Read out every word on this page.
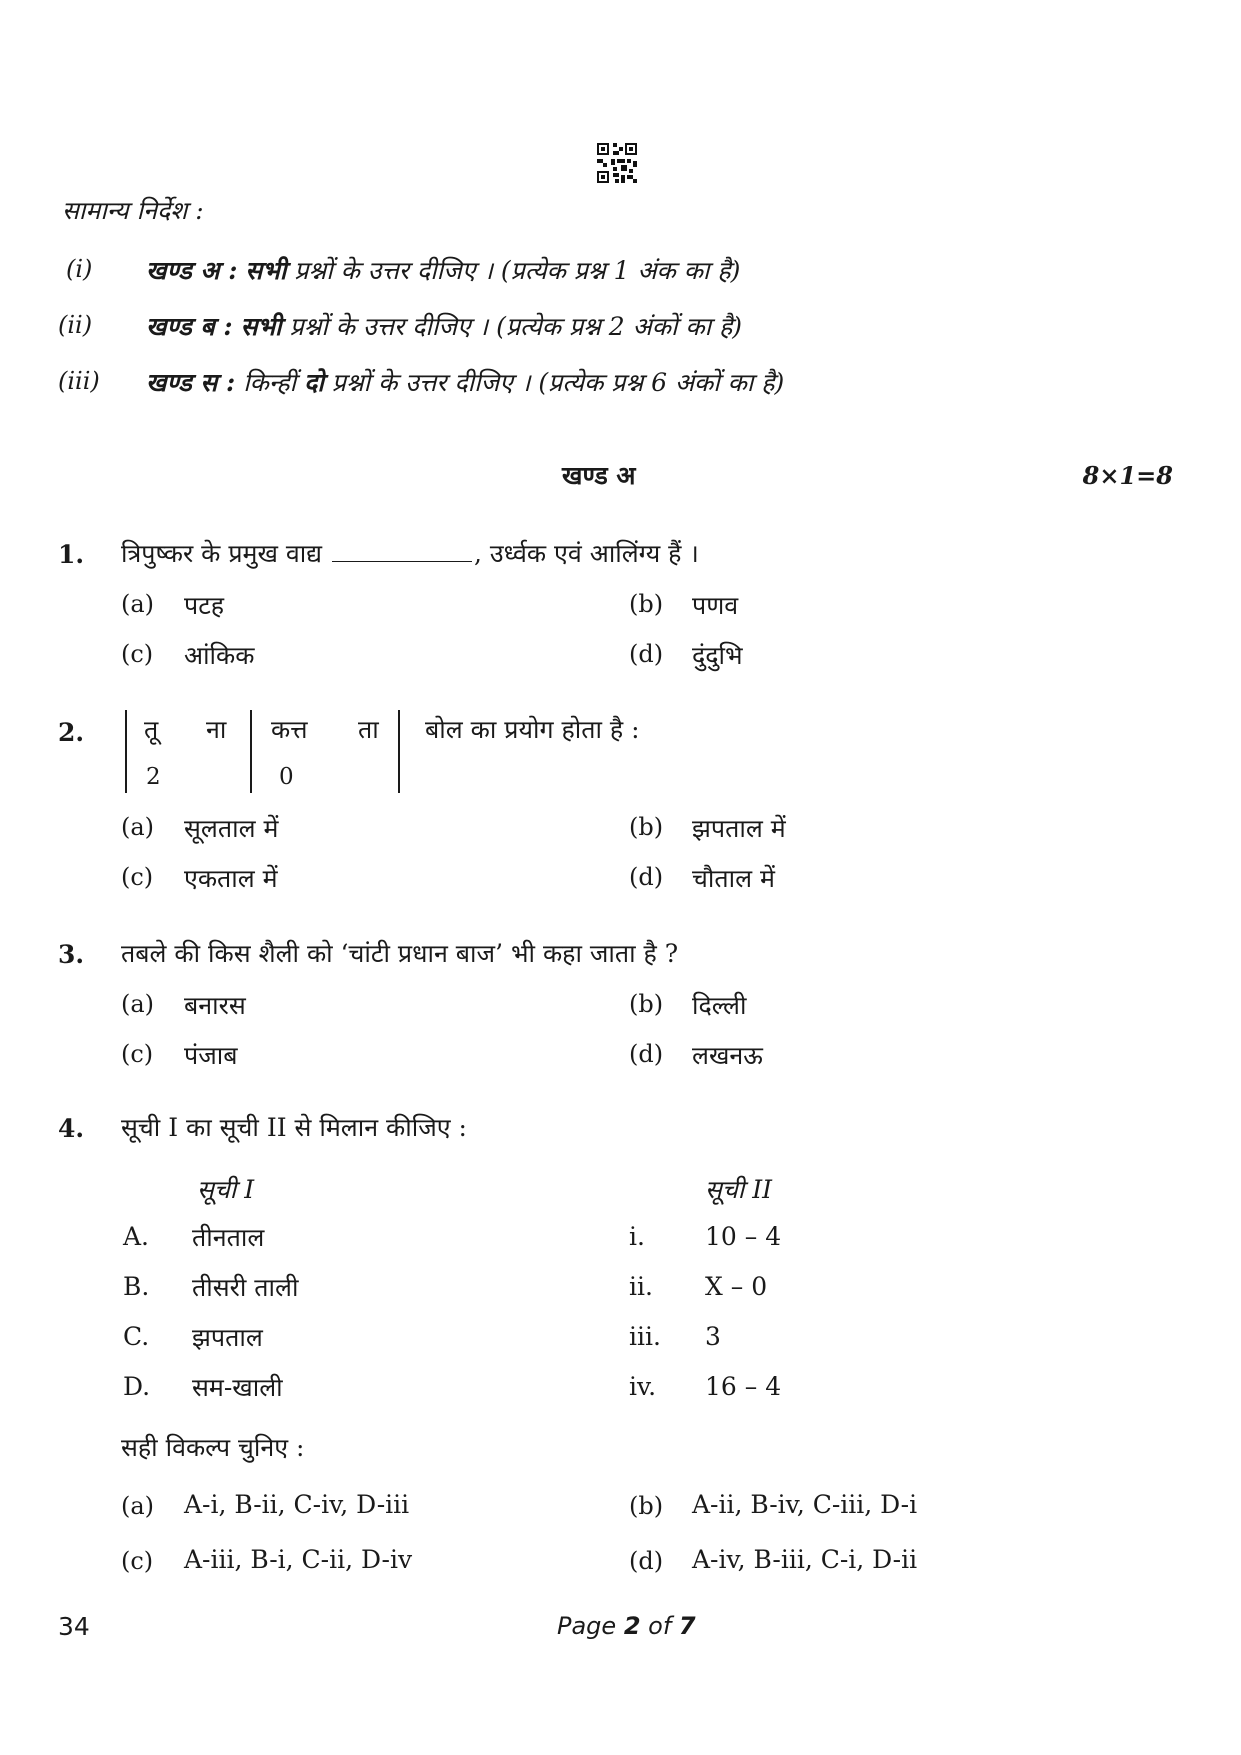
सामान्य निर्देश :
(i) खण्ड अ : सभी प्रश्नों के उत्तर दीजिए । (प्रत्येक प्रश्न 1 अंक का है)
(ii) खण्ड ब : सभी प्रश्नों के उत्तर दीजिए । (प्रत्येक प्रश्न 2 अंकों का है)
(iii) खण्ड स : किन्हीं दो प्रश्नों के उत्तर दीजिए । (प्रत्येक प्रश्न 6 अंकों का है)
खण्ड अ	8×1=8
1. त्रिपुष्कर के प्रमुख वाद्य	, उर्ध्वक एवं आलिंग्य हैं ।
(a) पटह	(b) पणव
(c) आंकिक	(d) दुंदुभि
2. तू ना कत्त ता
2	0
बोल का प्रयोग होता है :
(a) सूलताल में	(b) झपताल में
(c) एकताल में	(d) चौताल में
3. तबले की किस शैली को ‘चांटी प्रधान बाज’ भी कहा जाता है ?
(a) बनारस	(b) दिल्ली
(c) पंजाब	(d) लखनऊ
4. सूची I का सूची II से मिलान कीजिए :
सूची I	सूची II
A. तीनताल	i. 10 – 4
B. तीसरी ताली	ii. X – 0
C. झपताल	iii. 3
D. सम-खाली	iv. 16 – 4
सही विकल्प चुनिए :
(a) A-i, B-ii, C-iv, D-iii	(b) A-ii, B-iv, C-iii, D-i
(c) A-iii, B-i, C-ii, D-iv	(d) A-iv, B-iii, C-i, D-ii
34	Page 2 of 7
